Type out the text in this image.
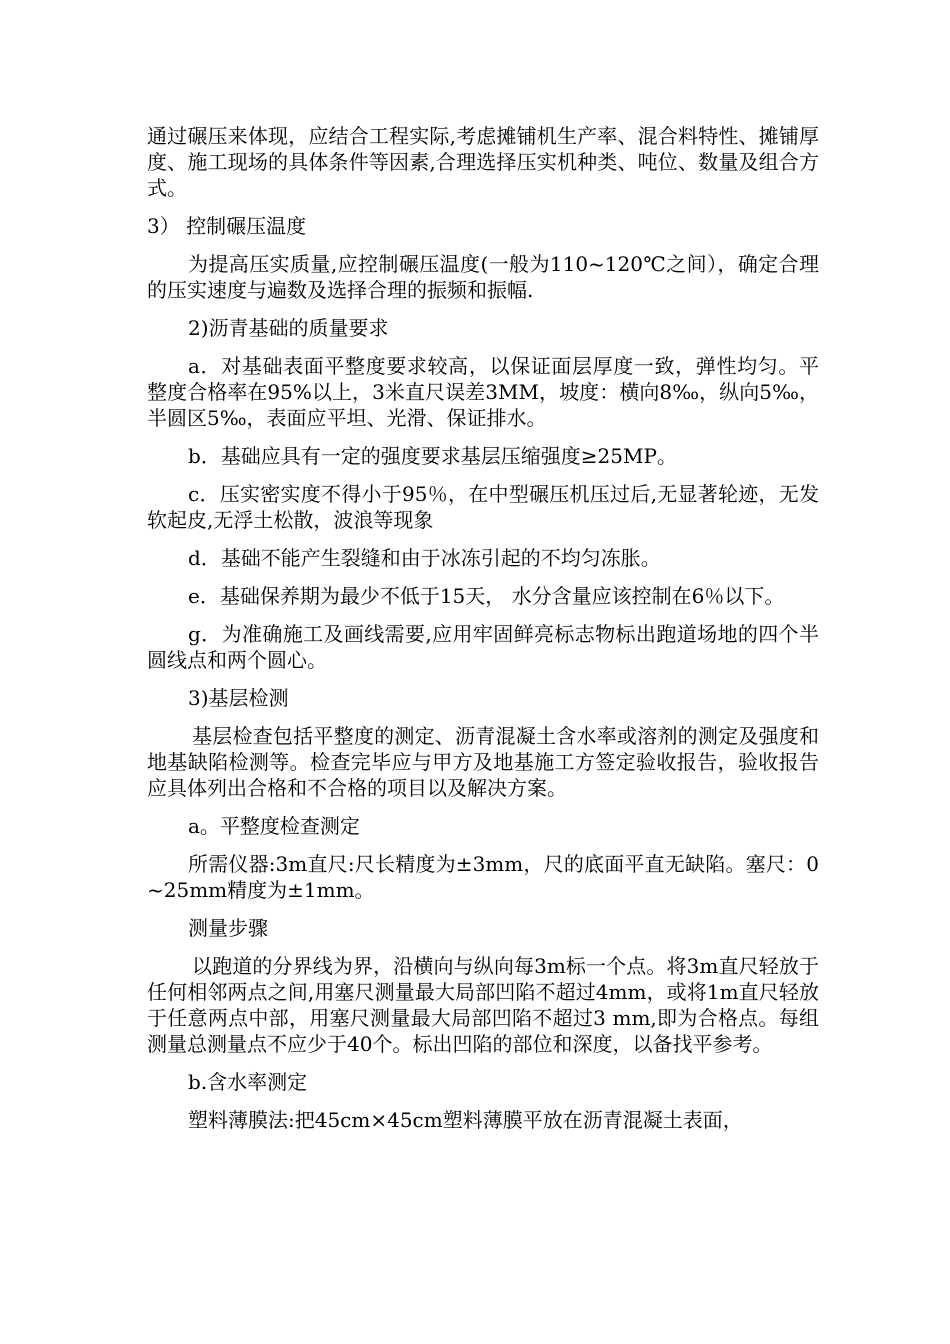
通过碾压来体现，应结合工程实际,考虑摊铺机生产率、混合料特性、摊铺厚度、施工现场的具体条件等因素,合理选择压实机种类、吨位、数量及组合方式。

3） 控制碾压温度

为提高压实质量,应控制碾压温度(一般为110~120℃之间），确定合理的压实速度与遍数及选择合理的振频和振幅.

2)沥青基础的质量要求

a．对基础表面平整度要求较高，以保证面层厚度一致，弹性均匀。平整度合格率在95%以上，3米直尺误差3MM，坡度：横向8‰，纵向5‰，半圆区5‰，表面应平坦、光滑、保证排水。

b．基础应具有一定的强度要求基层压缩强度≥25MP。

c．压实密实度不得小于95％，在中型碾压机压过后,无显著轮迹，无发软起皮,无浮土松散，波浪等现象

d．基础不能产生裂缝和由于冰冻引起的不均匀冻胀。

e．基础保养期为最少不低于15天， 水分含量应该控制在6％以下。

g．为准确施工及画线需要,应用牢固鲜亮标志物标出跑道场地的四个半圆线点和两个圆心。

3)基层检测

基层检查包括平整度的测定、沥青混凝土含水率或溶剂的测定及强度和地基缺陷检测等。检查完毕应与甲方及地基施工方签定验收报告，验收报告应具体列出合格和不合格的项目以及解决方案。

a。平整度检查测定

所需仪器:3m直尺:尺长精度为±3mm，尺的底面平直无缺陷。塞尺：0~25mm精度为±1mm。

测量步骤

以跑道的分界线为界，沿横向与纵向每3m标一个点。将3m直尺轻放于任何相邻两点之间,用塞尺测量最大局部凹陷不超过4mm，或将1m直尺轻放于任意两点中部，用塞尺测量最大局部凹陷不超过3 mm,即为合格点。每组测量总测量点不应少于40个。标出凹陷的部位和深度，以备找平参考。

b.含水率测定

塑料薄膜法:把45cm×45cm塑料薄膜平放在沥青混凝土表面，
